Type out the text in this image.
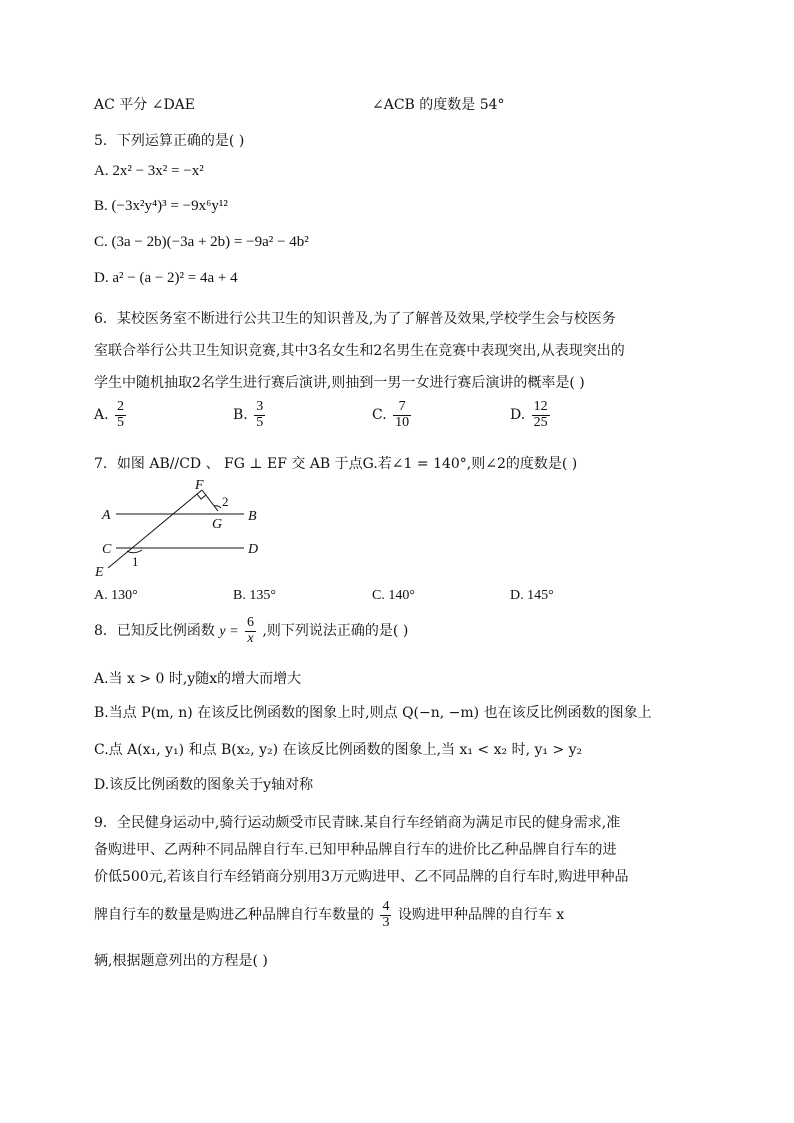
AC 平分 ∠DAE	∠ACB 的度数是 54°
5．下列运算正确的是( )
A. 2x² − 3x² = −x²
B. (−3x²y⁴)³ = −9x⁶y¹²
C. (3a − 2b)(−3a + 2b) = −9a² − 4b²
D. a² − (a − 2)² = 4a + 4
6．某校医务室不断进行公共卫生的知识普及,为了了解普及效果,学校学生会与校医务
室联合举行公共卫生知识竞赛,其中3名女生和2名男生在竞赛中表现突出,从表现突出的
学生中随机抽取2名学生进行赛后演讲,则抽到一男一女进行赛后演讲的概率是( )
A. $\frac{2}{5}$	B. $\frac{3}{5}$	C. $\frac{7}{10}$	D. $\frac{12}{25}$
7．如图 AB//CD 、 FG ⊥ EF 交 AB 于点G.若∠1 = 140°,则∠2的度数是( )
A	B
C	D
E
F
G
2
1
A. 130°	B. 135°	C. 140°	D. 145°
8．已知反比例函数 $y = \frac{6}{x}$ ,则下列说法正确的是( )
A.当 x > 0 时,y随x的增大而增大
B.当点 P(m, n) 在该反比例函数的图象上时,则点 Q(−n, −m) 也在该反比例函数的图象上
C.点 A(x₁, y₁) 和点 B(x₂, y₂) 在该反比例函数的图象上,当 x₁ < x₂ 时, y₁ > y₂
D.该反比例函数的图象关于y轴对称
9．全民健身运动中,骑行运动颇受市民青睐.某自行车经销商为满足市民的健身需求,准
备购进甲、乙两种不同品牌自行车.已知甲种品牌自行车的进价比乙种品牌自行车的进
价低500元,若该自行车经销商分别用3万元购进甲、乙不同品牌的自行车时,购进甲种品
牌自行车的数量是购进乙种品牌自行车数量的 $\frac{4}{3}$ 设购进甲种品牌的自行车 x
辆,根据题意列出的方程是( )
